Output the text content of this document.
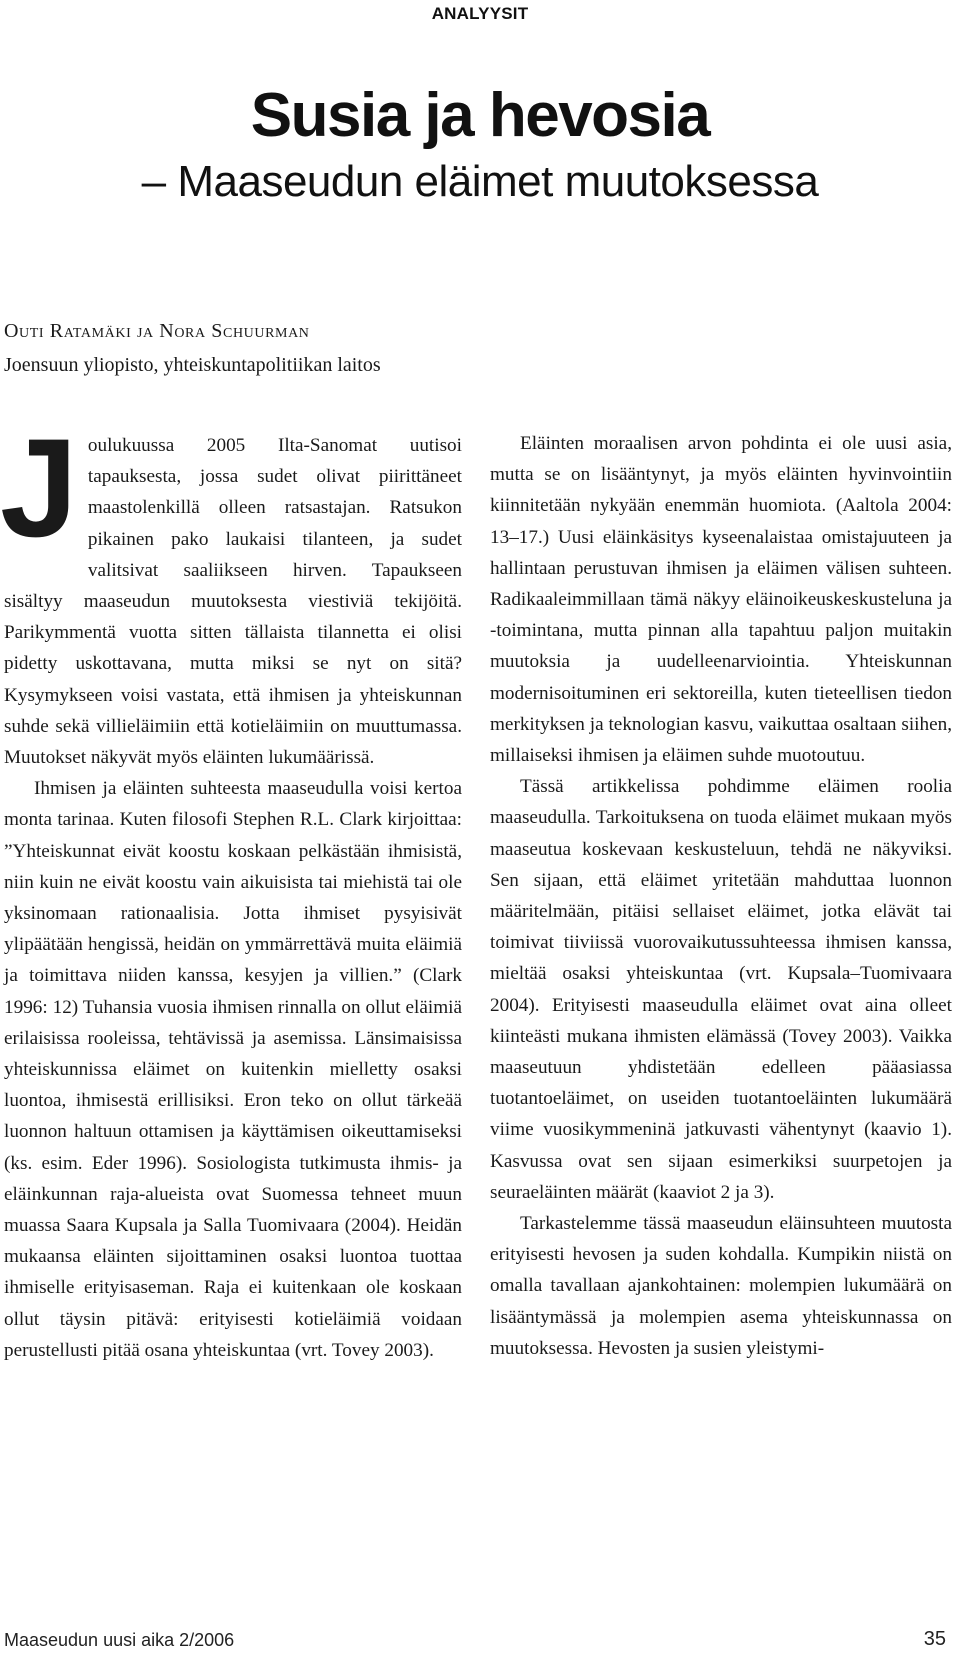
ANALYYSIT
Susia ja hevosia
– Maaseudun eläimet muutoksessa
Outi Ratamäki ja Nora Schuurman
Joensuun yliopisto, yhteiskuntapolitiikan laitos

Joulukuussa 2005 Ilta-Sanomat uutisoi tapauksesta, jossa sudet olivat piirittäneet maastolenkillä olleen ratsastajan. Ratsukon pikainen pako laukaisi tilanteen, ja sudet valitsivat saaliikseen hirven. Tapaukseen sisältyy maaseudun muutoksesta viestiviä tekijöitä. Parikymmentä vuotta sitten tällaista tilannetta ei olisi pidetty uskottavana, mutta miksi se nyt on sitä? Kysymykseen voisi vastata, että ihmisen ja yhteiskunnan suhde sekä villieläimiin että kotieläimiin on muuttumassa. Muutokset näkyvät myös eläinten lukumäärissä.

Ihmisen ja eläinten suhteesta maaseudulla voisi kertoa monta tarinaa. Kuten filosofi Stephen R.L. Clark kirjoittaa: ”Yhteiskunnat eivät koostu koskaan pelkästään ihmisistä, niin kuin ne eivät koostu vain aikuisista tai miehistä tai ole yksinomaan rationaalisia. Jotta ihmiset pysyisivät ylipäätään hengissä, heidän on ymmärrettävä muita eläimiä ja toimittava niiden kanssa, kesyjen ja villien.” (Clark 1996: 12) Tuhansia vuosia ihmisen rinnalla on ollut eläimiä erilaisissa rooleissa, tehtävissä ja asemissa. Länsimaisissa yhteiskunnissa eläimet on kuitenkin mielletty osaksi luontoa, ihmisestä erillisiksi. Eron teko on ollut tärkeää luonnon haltuun ottamisen ja käyttämisen oikeuttamiseksi (ks. esim. Eder 1996). Sosiologista tutkimusta ihmis- ja eläinkunnan raja-alueista ovat Suomessa tehneet muun muassa Saara Kupsala ja Salla Tuomivaara (2004). Heidän mukaansa eläinten sijoittaminen osaksi luontoa tuottaa ihmiselle erityisaseman. Raja ei kuitenkaan ole koskaan ollut täysin pitävä: erityisesti kotieläimiä voidaan perustellusti pitää osana yhteiskuntaa (vrt. Tovey 2003).

Eläinten moraalisen arvon pohdinta ei ole uusi asia, mutta se on lisääntynyt, ja myös eläinten hyvinvointiin kiinnitetään nykyään enemmän huomiota. (Aaltola 2004: 13–17.) Uusi eläinkäsitys kyseenalaistaa omistajuuteen ja hallintaan perustuvan ihmisen ja eläimen välisen suhteen. Radikaaleimmillaan tämä näkyy eläinoikeuskeskusteluna ja -toimintana, mutta pinnan alla tapahtuu paljon muitakin muutoksia ja uudelleenarviointia. Yhteiskunnan modernisoituminen eri sektoreilla, kuten tieteellisen tiedon merkityksen ja teknologian kasvu, vaikuttaa osaltaan siihen, millaiseksi ihmisen ja eläimen suhde muotoutuu.

Tässä artikkelissa pohdimme eläimen roolia maaseudulla. Tarkoituksena on tuoda eläimet mukaan myös maaseutua koskevaan keskusteluun, tehdä ne näkyviksi. Sen sijaan, että eläimet yritetään mahduttaa luonnon määritelmään, pitäisi sellaiset eläimet, jotka elävät tai toimivat tiiviissä vuorovaikutussuhteessa ihmisen kanssa, mieltää osaksi yhteiskuntaa (vrt. Kupsala–Tuomivaara 2004). Erityisesti maaseudulla eläimet ovat aina olleet kiinteästi mukana ihmisten elämässä (Tovey 2003). Vaikka maaseutuun yhdistetään edelleen pääasiassa tuotantoeläimet, on useiden tuotantoeläinten lukumäärä viime vuosikymmeninä jatkuvasti vähentynyt (kaavio 1). Kasvussa ovat sen sijaan esimerkiksi suurpetojen ja seuraeläinten määrät (kaaviot 2 ja 3).

Tarkastelemme tässä maaseudun eläinsuhteen muutosta erityisesti hevosen ja suden kohdalla. Kumpikin niistä on omalla tavallaan ajankohtainen: molempien lukumäärä on lisääntymässä ja molempien asema yhteiskunnassa on muutoksessa. Hevosten ja susien yleistymi-

Maaseudun uusi aika 2/2006	35
